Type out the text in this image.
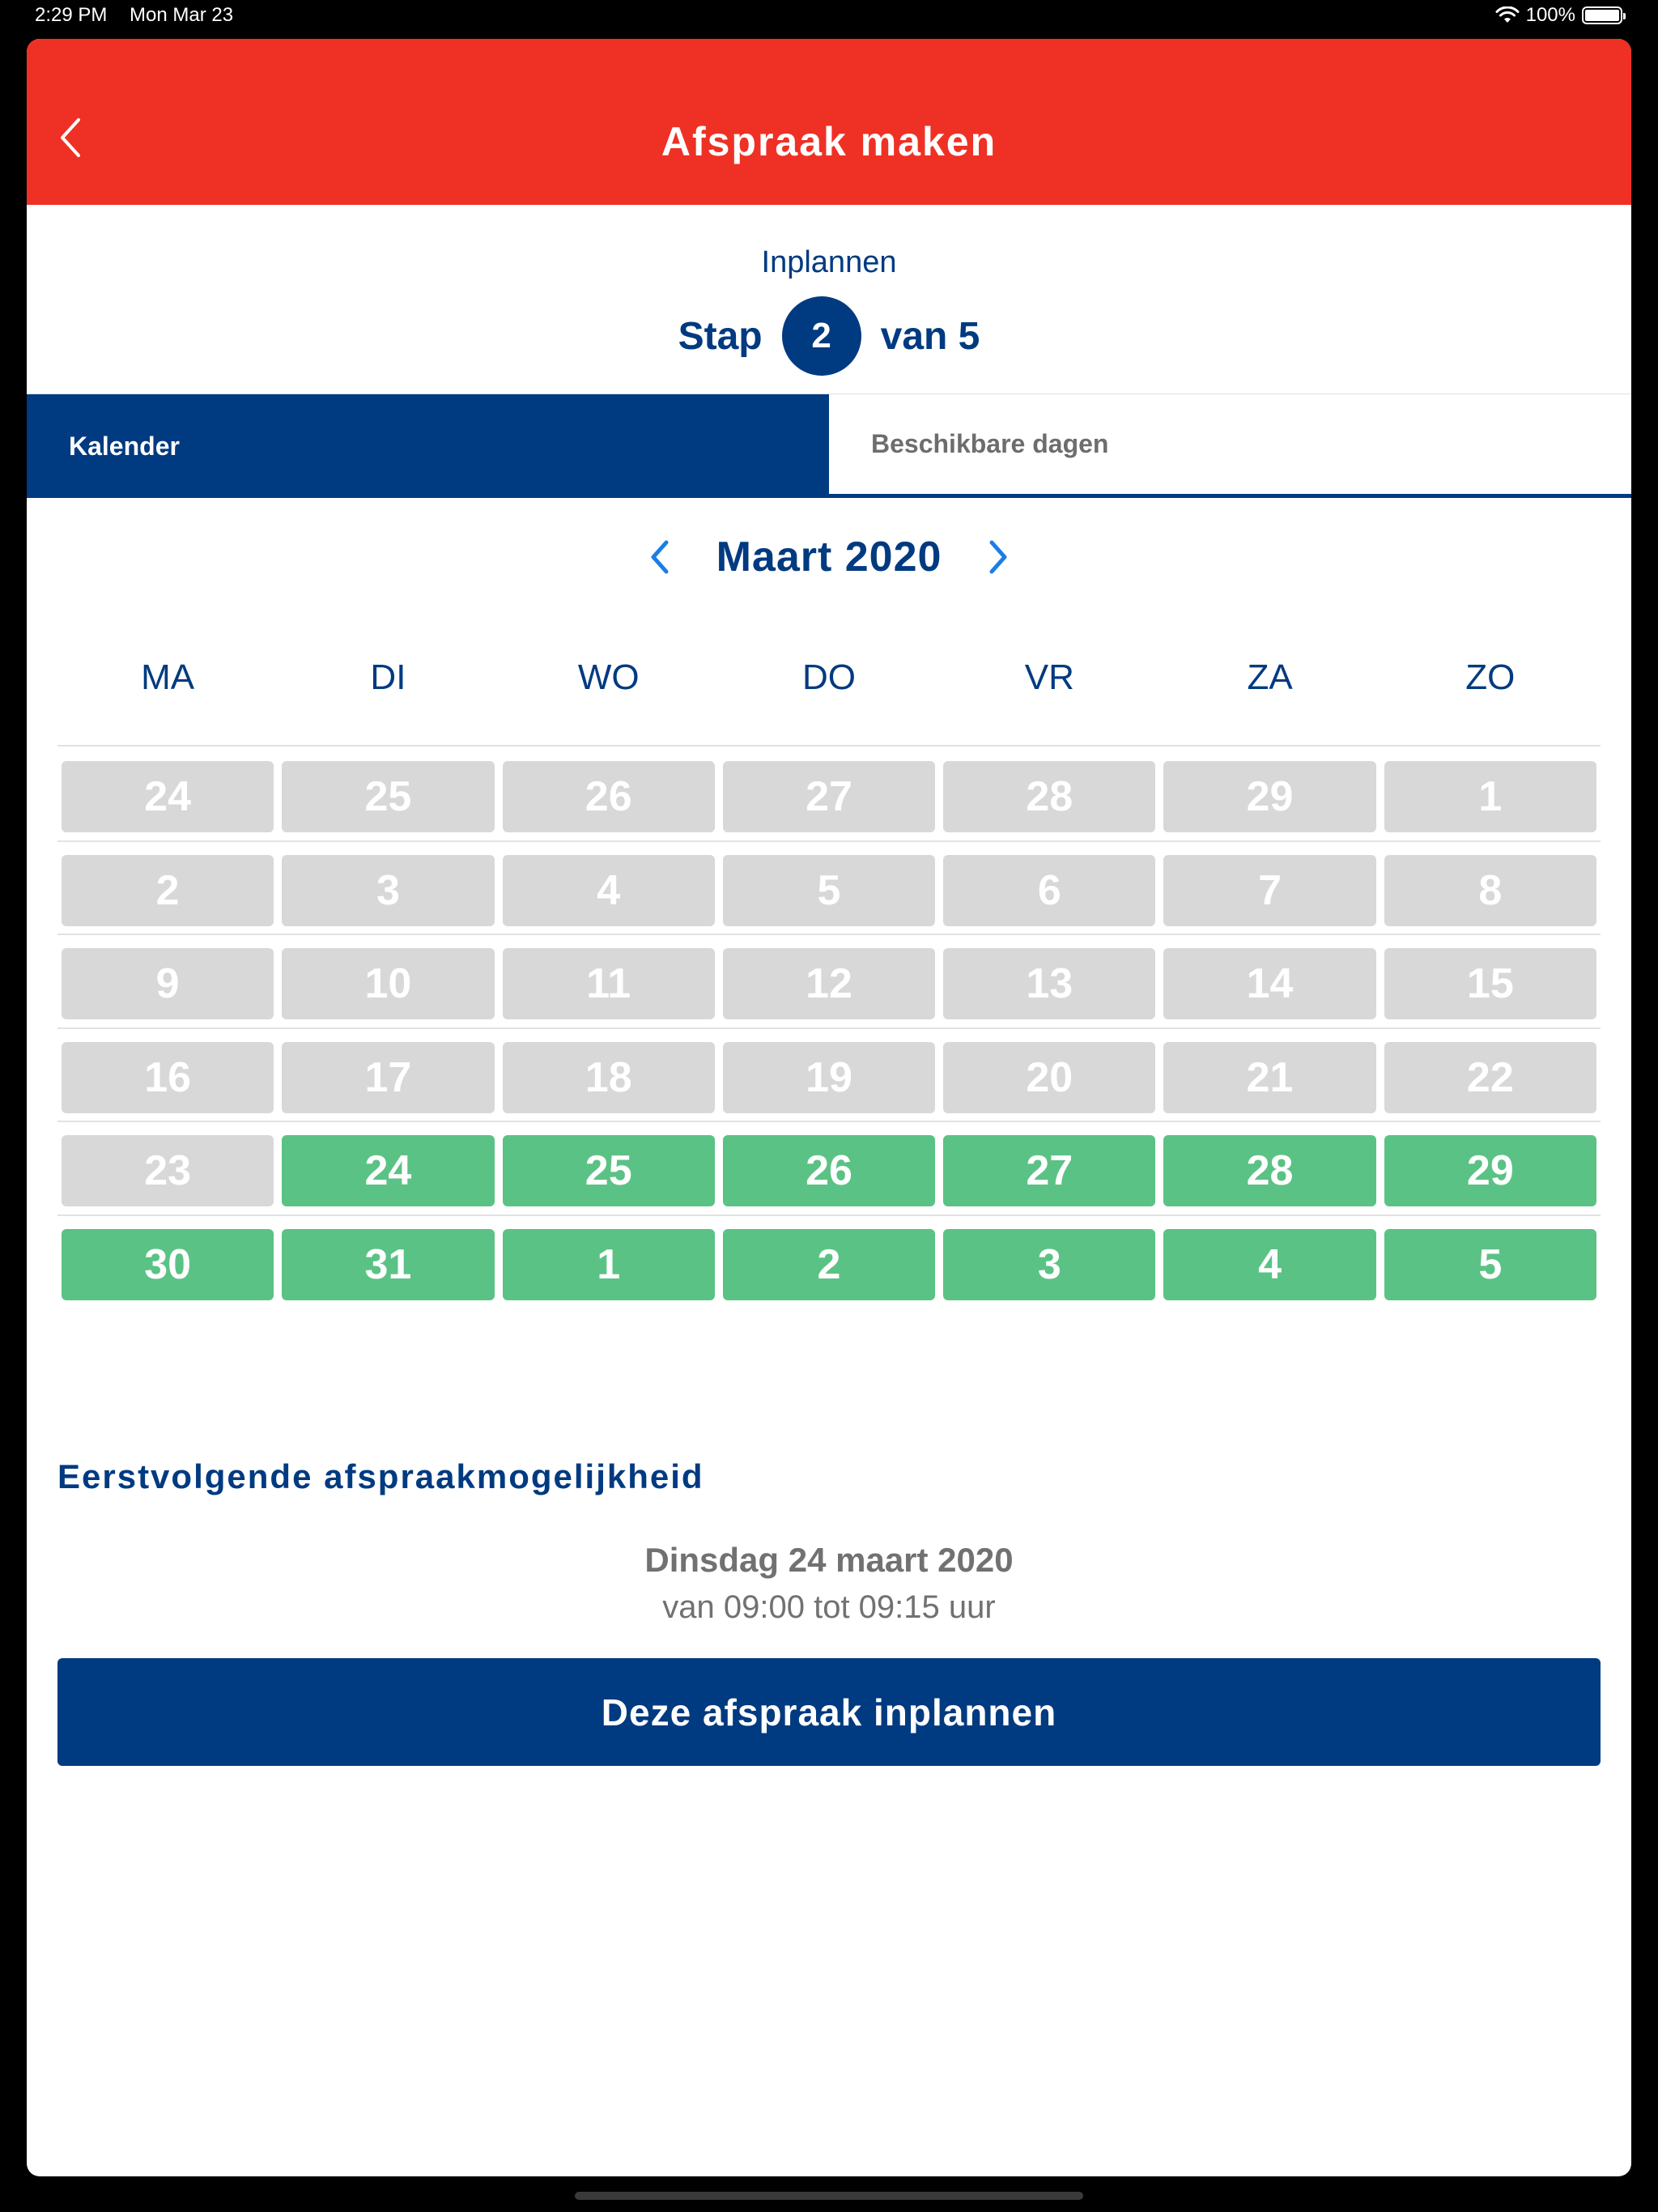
2:29 PM Mon Mar 23	100%
Afspraak maken
Inplannen
Stap	2	van 5
Kalender	Beschikbare dagen
Maart 2020
MA	DI	WO	DO	VR	ZA	ZO
24	25	26	27	28	29	1
2	3	4	5	6	7	8
9	10	11	12	13	14	15
16	17	18	19	20	21	22
23	24	25	26	27	28	29
30	31	1	2	3	4	5
Eerstvolgende afspraakmogelijkheid
Dinsdag 24 maart 2020
van 09:00 tot 09:15 uur
Deze afspraak inplannen
